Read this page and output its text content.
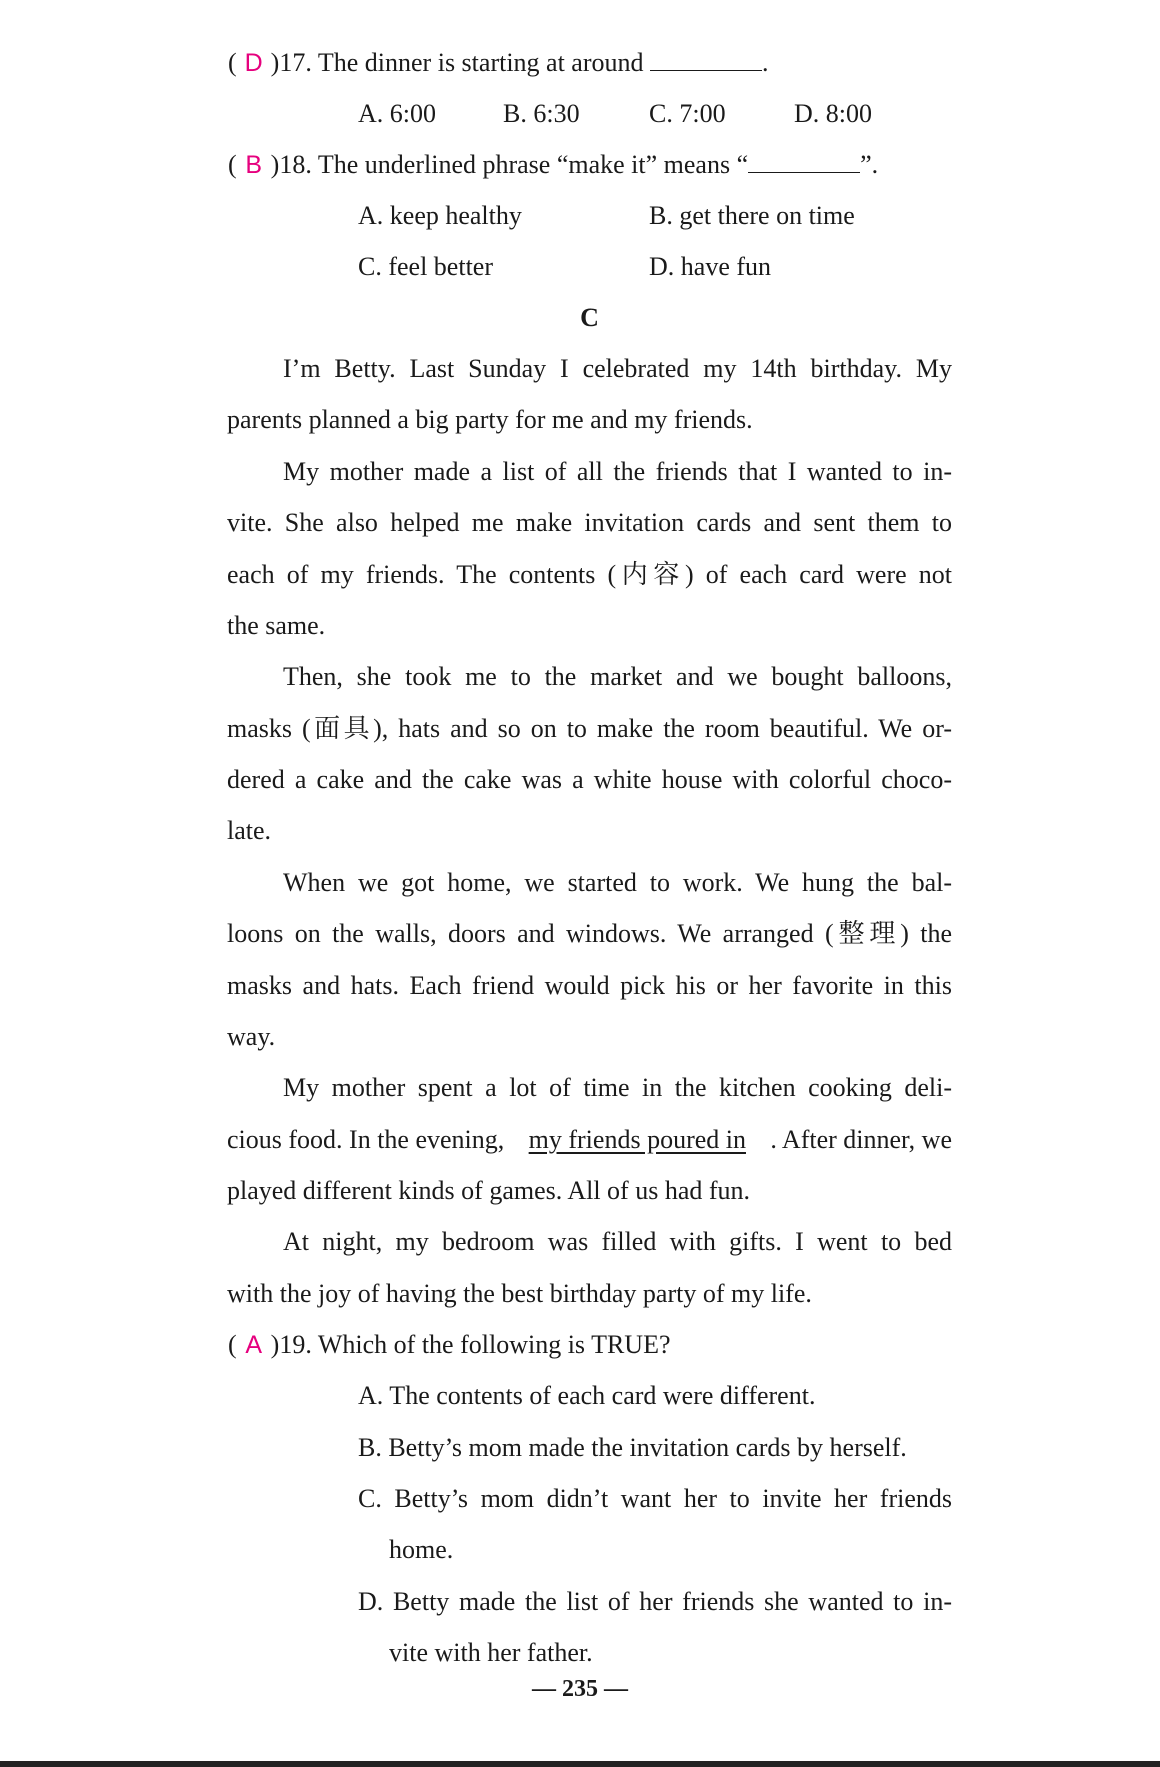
( D )17. The dinner is starting at around	.
A. 6:00	B. 6:30	C. 7:00	D. 8:00
( B )18. The underlined phrase “make it” means “	”.
A. keep healthy	B. get there on time
C. feel better	D. have fun
C
I’m Betty. Last Sunday I celebrated my 14th birthday. My
parents planned a big party for me and my friends.
My mother made a list of all the friends that I wanted to in-
vite. She also helped me make invitation cards and sent them to
each of my friends. The contents (内容) of each card were not
the same.
Then, she took me to the market and we bought balloons,
masks (面具), hats and so on to make the room beautiful. We or-
dered a cake and the cake was a white house with colorful choco-
late.
When we got home, we started to work. We hung the bal-
loons on the walls, doors and windows. We arranged (整理) the
masks and hats. Each friend would pick his or her favorite in this
way.
My mother spent a lot of time in the kitchen cooking deli-
cious food. In the evening, my friends poured in . After dinner, we
played different kinds of games. All of us had fun.
At night, my bedroom was filled with gifts. I went to bed
with the joy of having the best birthday party of my life.
( A )19. Which of the following is TRUE?
A. The contents of each card were different.
B. Betty’s mom made the invitation cards by herself.
C. Betty’s mom didn’t want her to invite her friends
home.
D. Betty made the list of her friends she wanted to in-
vite with her father.
— 235 —
